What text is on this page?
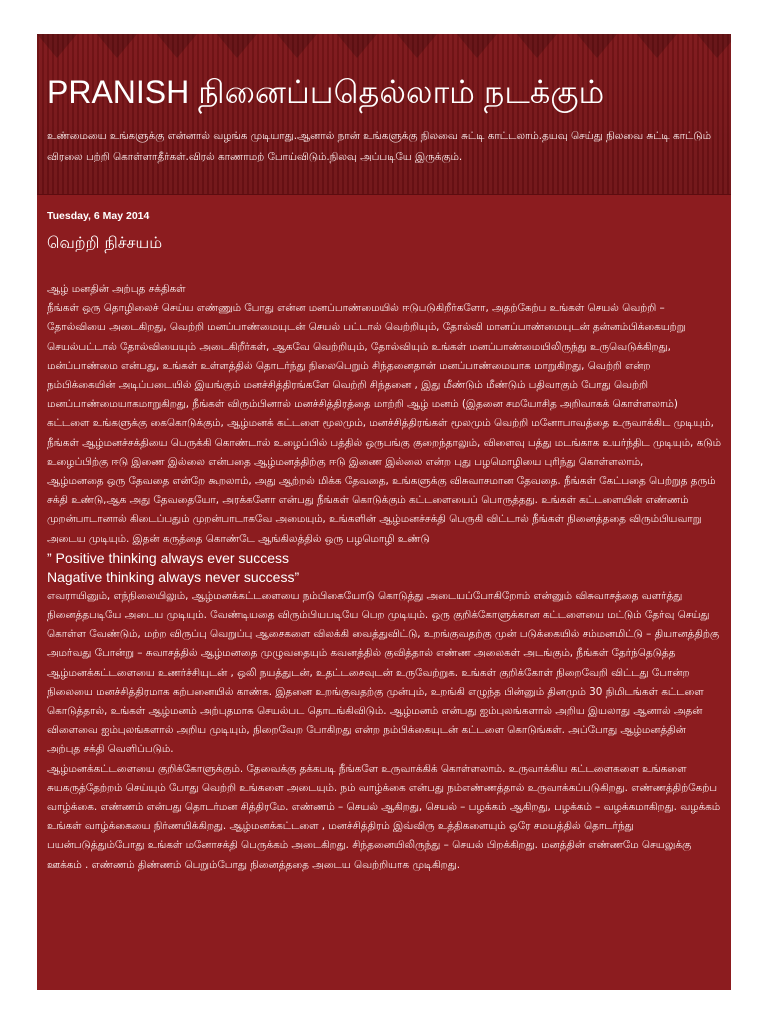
PRANISH நினைப்பதெல்லாம் நடக்கும்

உண்மையை உங்களுக்கு என்னால் வழங்க முடியாது.ஆனால் நான் உங்களுக்கு நிலவை சுட்டி காட்டலாம்.தயவு செய்து நிலவை சுட்டி காட்டும் விரலை பற்றி கொள்ளாதீர்கள்.விரல் காணாமற் போய்விடும்.நிலவு அப்படியே இருக்கும்.

Tuesday, 6 May 2014
வெற்றி நிச்சயம்

ஆழ் மனதின் அற்புத சக்திகள்

நீங்கள் ஒரு தொழிலைச் செய்ய எண்ணும் போது என்ன மனப்பாண்மையில் ஈடுபடுகிறீர்களோ, அதற்கேற்ப உங்கள் செயல் வெற்றி – தோல்வியை அடைகிறது, வெற்றி மனப்பாண்மையுடன் செயல் பட்டால் வெற்றியும், தோல்வி மானப்பாண்மையுடன் தன்னம்பிக்கையற்று செயல்பட்டால் தோல்வியையும் அடைகிறீர்கள், ஆகவே வெற்றியும், தோல்வியும் உங்கள் மனப்பாண்மையிலிருந்து உருவெடுக்கிறது,

மன்ப்பாண்மை என்பது, உங்கள் உள்ளத்தில் தொடர்ந்து நிலைபெறும் சிந்தனைதான் மனப்பாண்மையாக மாறுகிறது, வெற்றி என்ற நம்பிக்கையின் அடிப்படையில் இயங்கும் மனச்சித்திரங்களே வெற்றி சிந்தனை , இது மீண்டும் மீண்டும் பதிவாகும் போது வெற்றி மனப்பாண்மையாகமாறுகிறது, நீங்கள் விரும்பினால் மனச்சித்திரத்தை மாற்றி ஆழ் மனம் (இதனை சமயோசித அறிவாகக் கொள்ளலாம்) கட்டளை உங்களுக்கு கைகொடுக்கும், ஆழ்மனக் கட்டளை மூலமும், மனச்சித்திரங்கள் மூலமும் வெற்றி மனோபாவத்தை உருவாக்கிட முடியும், நீங்கள் ஆழ்மனச்சக்தியை பெருக்கி கொண்டால் உழைப்பில் பத்தில் ஒருபங்கு குறைந்தாலும், விளைவு பத்து மடங்காக உயர்ந்திட முடியும், கடும் உழைப்பிற்கு ஈடு இணை இல்லை என்பதை ஆழ்மனத்திற்கு ஈடு இணை இல்லை என்ற புது பழமொழியை புரிந்து கொள்ளலாம்,

ஆழ்மனதை ஒரு தேவதை என்றே கூறலாம், அது ஆற்றல் மிக்க தேவதை, உங்களுக்கு விசுவாசமான தேவதை. நீங்கள் கேட்பதை பெற்றுத தரும் சக்தி உண்டு,ஆக அது தேவதையோ, அரக்கனோ என்பது நீங்கள் கொடுக்கும் கட்டளையைப் பொருத்தது. உங்கள் கட்டளையின் எண்ணம் முறன்பாடானால் கிடைப்பதும் முறன்பாடாகவே அமையும், உங்களின் ஆழ்மனச்சக்தி பெருகி விட்டால் நீங்கள் நினைத்ததை விரும்பியவாறு அடைய முடியும். இதன் கருத்தை கொண்டே ஆங்கிலத்தில் ஒரு பழமொழி உண்டு

” Positive thinking always ever success

Nagative thinking always never success”

எவராயினும், எந்நிலையிலும், ஆழ்மனக்கட்டளையை நம்பிகையோடு கொடுத்து அடையப்போகிறோம் என்னும் விசுவாசத்தை வளர்த்து நினைத்தபடியே அடைய முடியும். வேண்டியதை விரும்பியபடியே பெற முடியும். ஒரு குறிக்கோளுக்கான கட்டளையை மட்டும் தேர்வு செய்து கொள்ள வேண்டும், மற்ற விருப்பு வெறுப்பு ஆசைகளை விலக்கி வைத்துவிட்டு, உறங்குவதற்கு முன் படுக்கையில் சம்மனமிட்டு – தியானத்திற்கு அமர்வது போன்று – சுவாசத்தில் ஆழ்மனதை முழுவதையும் கவனத்தில் குவித்தால் எண்ண அலைகள் அடங்கும், நீங்கள் தேர்ந்தெடுத்த ஆழ்மனக்கட்டளையை உணர்ச்சியுடன் , ஒலி நயத்துடன், உதட்டசைவுடன் உருவேற்றுக. உங்கள் குறிக்கோள் நிறைவேறி விட்டது போன்ற நிலையை மனச்சித்திரமாக கற்பனையில் காண்க. இதனை உறங்குவதற்கு முன்பும், உறங்கி எழுந்த பின்னும் தினமும் 30 நிமிடங்கள் கட்டளை கொடுத்தால், உங்கள் ஆழ்மனம் அற்புதமாக செயல்பட தொடங்கிவிடும். ஆழ்மனம் என்பது ஐம்புலங்களால் அறிய இயலாது ஆனால் அதன் விளைவை ஐம்புலங்களால் அறிய முடியும், நிறைவேற போகிறது என்ற நம்பிக்கையுடன் கட்டளை கொடுங்கள். அப்போது ஆழ்மனத்தின் அற்புத சக்தி வெளிப்படும்.

ஆழ்மனக்கட்டளையை குறிக்கோளுக்கும். தேவைக்கு தக்கபடி நீங்களே உருவாக்கிக் கொள்ளலாம். உருவாக்கிய கட்டளைகளை உங்களை சுயகருத்தேற்றம் செய்யும் போது வெற்றி உங்களை அடையும். நம் வாழ்க்கை என்பது நம்எண்ணத்தால் உருவாக்கப்படுகிறது. எண்ணத்திற்கேற்ப வாழ்க்கை. எண்ணம் என்பது தொடர்மன சித்திரமே. எண்ணம் – செயல் ஆகிறது, செயல் – பழக்கம் ஆகிறது, பழக்கம் – வழக்கமாகிறது. வழக்கம் உங்கள் வாழ்க்கையை நிர்ணயிக்கிறது. ஆழ்மனக்கட்டளை , மனச்சித்திரம் இவ்விரு உத்திகளையும் ஒரே சமயத்தில் தொடர்ந்து பயன்படுத்தும்போது உங்கள் மனோசக்தி பெருக்கம் அடைகிறது. சிந்தனையிலிருந்து – செயல் பிறக்கிறது. மனத்தின் எண்ணமே செயலுக்கு ஊக்கம் . எண்ணம் திண்ணம் பெறும்போது நினைத்ததை அடைய வெற்றியாக முடிகிறது.
